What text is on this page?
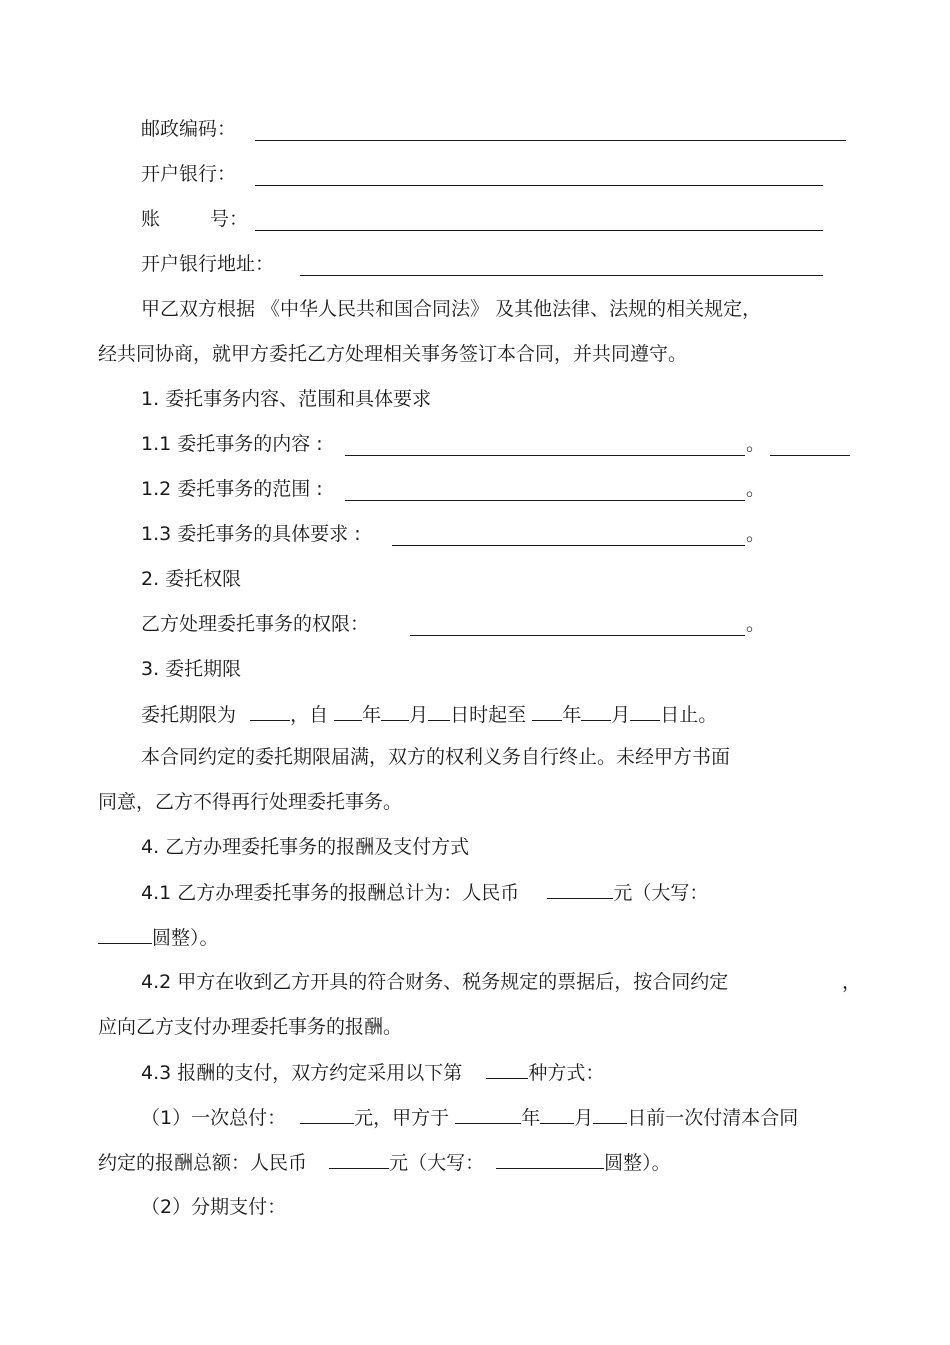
邮政编码：
开户银行：
账	号：
开户银行地址：
甲乙双方根据 《中华人民共和国合同法》 及其他法律、法规的相关规定，
经共同协商，就甲方委托乙方处理相关事务签订本合同，并共同遵守。
1. 委托事务内容、范围和具体要求
1.1 委托事务的内容 :	。
1.2 委托事务的范围 :	。
1.3 委托事务的具体要求 :	。
2. 委托权限
乙方处理委托事务的权限：	。
3. 委托期限
委托期限为	，自 年 月 日时起至 年 月 日止。
本合同约定的委托期限届满，双方的权利义务自行终止。未经甲方书面
同意，乙方不得再行处理委托事务。
4. 乙方办理委托事务的报酬及支付方式
4.1 乙方办理委托事务的报酬总计为：人民币	元（大写：
圆整）。
4.2 甲方在收到乙方开具的符合财务、税务规定的票据后，按合同约定	，
应向乙方支付办理委托事务的报酬。
4.3 报酬的支付，双方约定采用以下第	种方式：
（1）一次总付：	元，甲方于	年 月 日前一次付清本合同
约定的报酬总额：人民币	元（大写：	圆整）。
（2）分期支付：
